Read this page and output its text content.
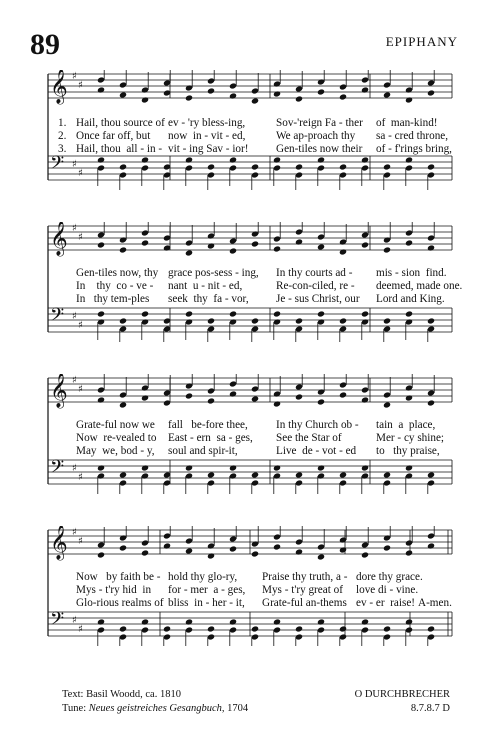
89	EPIPHANY
𝄞
𝄢
♯
♯
♯
♯

1.

Hail, thou source of

ev - 'ry bless-ing,

	Sov-'reign Fa - ther

of  man-kind!

2.

Once far off, but

now  in - vit - ed,

	We ap-proach thy

sa - cred throne,

3.

Hail, thou  all - in -

vit - ing Sav - ior!

Gen-tiles now their

of - f'rings bring,

𝄞
𝄢
♯
♯
♯
♯

Gen-tiles now, thy

grace pos-sess - ing,

In thy courts ad -

mis - sion  find.

In    thy  co - ve -

nant  u - nit - ed,

	Re-con-ciled, re -

deemed, made one.

In   thy tem-ples

seek  thy  fa - vor,

Je - sus Christ, our

Lord and King.

𝄞
𝄢
♯
♯
♯
♯

Grate-ful now we

fall   be-fore thee,

	In thy Church ob -

tain  a  place,

Now  re-vealed to

East - ern  sa - ges,

See the Star of

	Mer - cy shine;

May  we, bod - y,

soul and spir-it,

	Live  de - vot - ed

to   thy praise,

𝄞
𝄢
♯
♯
♯
♯

Now   by faith be -

hold thy glo-ry,

Praise thy truth, a -

dore thy grace.

Mys - t'ry hid  in

for - mer  a - ges,

Mys - t'ry great of

love di - vine.

Glo-rious realms of

bliss  in - her - it,

Grate-ful an-thems

ev - er  raise!

A-men.

Text: Basil Woodd, ca. 1810
Tune: Neues geistreiches Gesangbuch, 1704
O DURCHBRECHER
8.7.8.7 D
